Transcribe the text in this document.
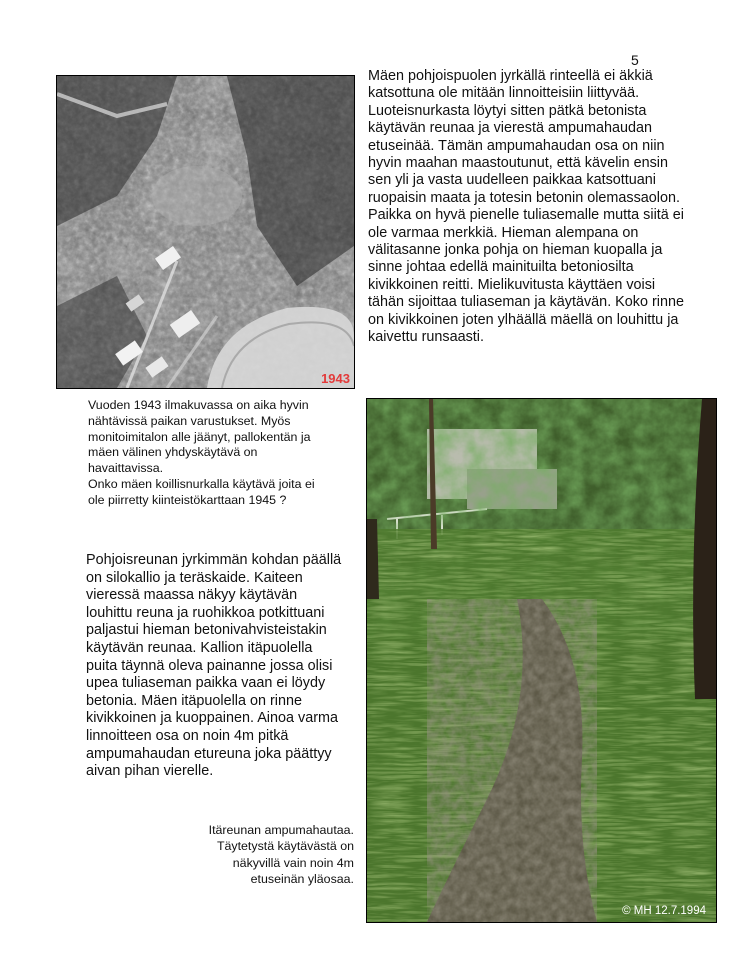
5
1943

Mäen pohjoispuolen jyrkällä rinteellä ei äkkiä
katsottuna ole mitään linnoitteisiin liittyvää.
Luoteisnurkasta löytyi sitten pätkä betonista
käytävän reunaa ja vierestä ampumahaudan
etuseinää. Tämän ampumahaudan osa on niin
hyvin maahan maastoutunut, että kävelin ensin
sen yli ja vasta uudelleen paikkaa katsottuani
ruopaisin maata ja totesin betonin olemassaolon.
Paikka on hyvä pienelle tuliasemalle mutta siitä ei
ole varmaa merkkiä. Hieman alempana on
välitasanne jonka pohja on hieman kuopalla ja
sinne johtaa edellä mainituilta betoniosilta
kivikkoinen reitti. Mielikuvitusta käyttäen voisi
tähän sijoittaa tuliaseman ja käytävän. Koko rinne
on kivikkoinen joten ylhäällä mäellä on louhittu ja
kaivettu runsaasti.

Vuoden 1943 ilmakuvassa on aika hyvin
nähtävissä paikan varustukset. Myös
monitoimitalon alle jäänyt, pallokentän ja
mäen välinen yhdyskäytävä on
havaittavissa.
Onko mäen koillisnurkalla käytävä joita ei
ole piirretty kiinteistökarttaan 1945 ?

Pohjoisreunan jyrkimmän kohdan päällä
on silokallio ja teräskaide. Kaiteen
vieressä maassa näkyy käytävän
louhittu reuna ja ruohikkoa potkittuani
paljastui hieman betonivahvisteistakin
käytävän reunaa. Kallion itäpuolella
puita täynnä oleva painanne jossa olisi
upea tuliaseman paikka vaan ei löydy
betonia. Mäen itäpuolella on rinne
kivikkoinen ja kuoppainen. Ainoa varma
linnoitteen osa on noin 4m pitkä
ampumahaudan etureuna joka päättyy
aivan pihan vierelle.

© MH 12.7.1994

Itäreunan ampumahautaa.
Täytetystä käytävästä on
näkyvillä vain noin 4m
etuseinän yläosaa.
